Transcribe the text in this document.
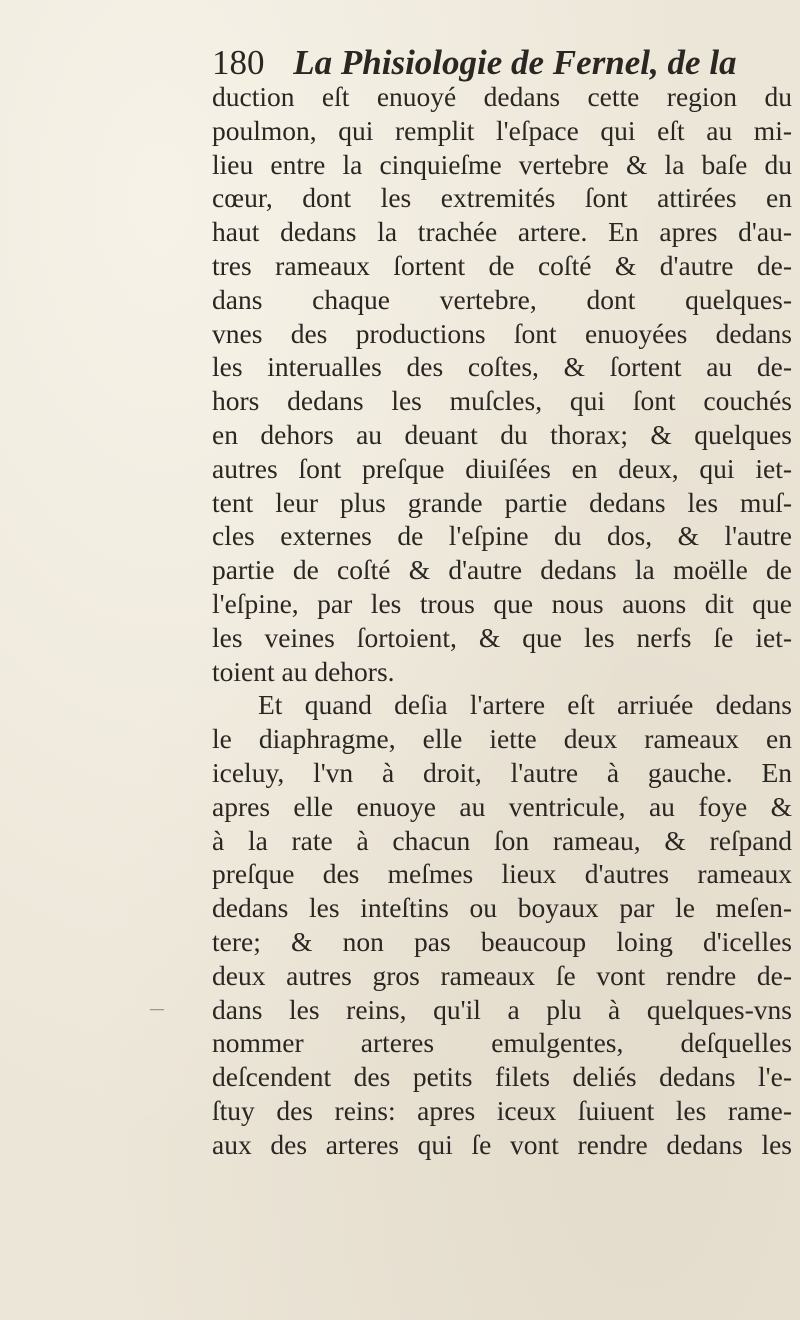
180 La Phisiologie de Fernel, de la
duction eſt enuoyé dedans cette region du
poulmon, qui remplit l'eſpace qui eſt au mi-
lieu entre la cinquieſme vertebre & la baſe du
cœur, dont les extremités ſont attirées en
haut dedans la trachée artere. En apres d'au-
tres rameaux ſortent de coſté & d'autre de-
dans chaque vertebre, dont quelques-
vnes des productions ſont enuoyées dedans
les interualles des coſtes, & ſortent au de-
hors dedans les muſcles, qui ſont couchés
en dehors au deuant du thorax; & quelques
autres ſont preſque diuiſées en deux, qui iet-
tent leur plus grande partie dedans les muſ-
cles externes de l'eſpine du dos, & l'autre
partie de coſté & d'autre dedans la moëlle de
l'eſpine, par les trous que nous auons dit que
les veines ſortoient, & que les nerfs ſe iet-
toient au dehors.
Et quand deſia l'artere eſt arriuée dedans
le diaphragme, elle iette deux rameaux en
iceluy, l'vn à droit, l'autre à gauche. En
apres elle enuoye au ventricule, au foye &
à la rate à chacun ſon rameau, & reſpand
preſque des meſmes lieux d'autres rameaux
dedans les inteſtins ou boyaux par le meſen-
tere; & non pas beaucoup loing d'icelles
deux autres gros rameaux ſe vont rendre de-
dans les reins, qu'il a plu à quelques-vns
nommer arteres emulgentes, deſquelles
deſcendent des petits filets deliés dedans l'e-
ſtuy des reins: apres iceux ſuiuent les rame-
aux des arteres qui ſe vont rendre dedans les
—
